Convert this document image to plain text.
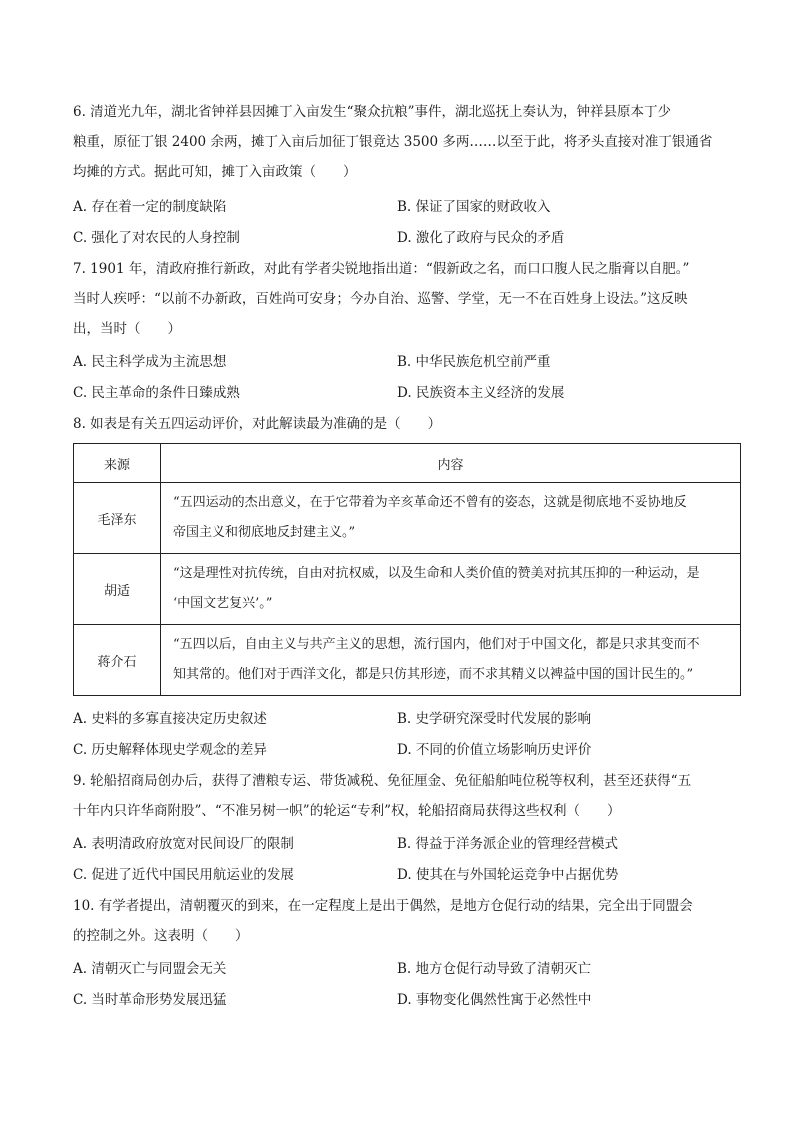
6. 清道光九年，湖北省钟祥县因摊丁入亩发生“聚众抗粮”事件，湖北巡抚上奏认为，钟祥县原本丁少
粮重，原征丁银 2400 余两，摊丁入亩后加征丁银竟达 3500 多两……以至于此，将矛头直接对准丁银通省
均摊的方式。据此可知，摊丁入亩政策（　　）
A. 存在着一定的制度缺陷	B. 保证了国家的财政收入
C. 强化了对农民的人身控制	D. 激化了政府与民众的矛盾
7. 1901 年，清政府推行新政，对此有学者尖锐地指出道：“假新政之名，而口口腹人民之脂膏以自肥。”
当时人疾呼：“以前不办新政，百姓尚可安身；今办自治、巡警、学堂，无一不在百姓身上设法。”这反映
出，当时（　　）
A. 民主科学成为主流思想	B. 中华民族危机空前严重
C. 民主革命的条件日臻成熟	D. 民族资本主义经济的发展
8. 如表是有关五四运动评价，对此解读最为准确的是（　　）
来源	内容
毛泽东	“五四运动的杰出意义，在于它带着为辛亥革命还不曾有的姿态，这就是彻底地不妥协地反
帝国主义和彻底地反封建主义。”

胡适	“这是理性对抗传统，自由对抗权威，以及生命和人类价值的赞美对抗其压抑的一种运动，是
‘中国文艺复兴’。”

蒋介石	“五四以后，自由主义与共产主义的思想，流行国内，他们对于中国文化，都是只求其变而不
知其常的。他们对于西洋文化，都是只仿其形迹，而不求其精义以裨益中国的国计民生的。”
A. 史料的多寡直接决定历史叙述	B. 史学研究深受时代发展的影响
C. 历史解释体现史学观念的差异	D. 不同的价值立场影响历史评价
9. 轮船招商局创办后，获得了漕粮专运、带货减税、免征厘金、免征船舶吨位税等权利，甚至还获得“五
十年内只许华商附股”、“不准另树一帜”的轮运“专利”权，轮船招商局获得这些权利（　　）
A. 表明清政府放宽对民间设厂的限制	B. 得益于洋务派企业的管理经营模式
C. 促进了近代中国民用航运业的发展	D. 使其在与外国轮运竞争中占据优势
10. 有学者提出，清朝覆灭的到来，在一定程度上是出于偶然，是地方仓促行动的结果，完全出于同盟会
的控制之外。这表明（　　）
A. 清朝灭亡与同盟会无关	B. 地方仓促行动导致了清朝灭亡
C. 当时革命形势发展迅猛	D. 事物变化偶然性寓于必然性中
